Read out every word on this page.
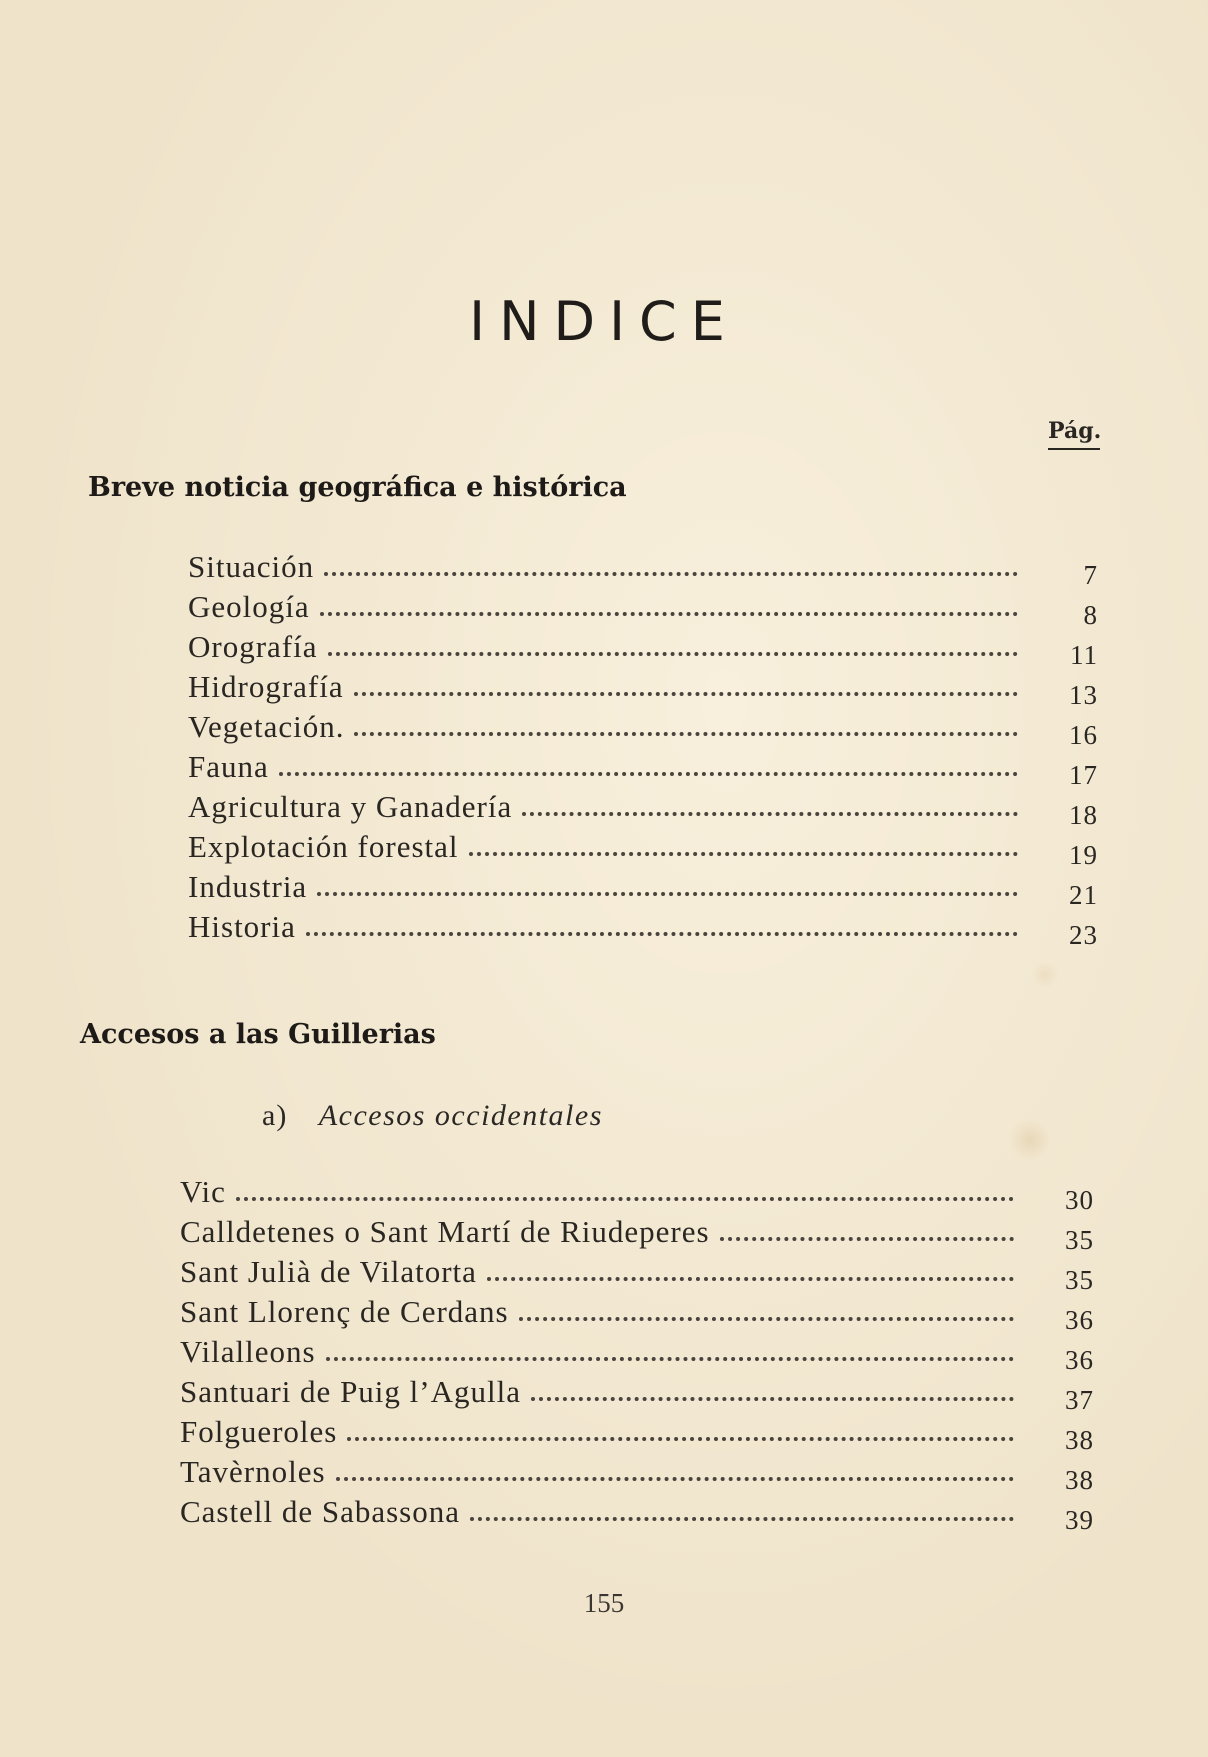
INDICE
Pág.
Breve noticia geográfica e histórica
Situación	7
Geología	8
Orografía	11
Hidrografía	13
Vegetación.	16
Fauna	17
Agricultura y Ganadería	18
Explotación forestal	19
Industria	21
Historia	23
Accesos a las Guillerias
a) Accesos occidentales
Vic	30
Calldetenes o Sant Martí de Riudeperes	35
Sant Julià de Vilatorta	35
Sant Llorenç de Cerdans	36
Vilalleons	36
Santuari de Puig l’Agulla	37
Folgueroles	38
Tavèrnoles	38
Castell de Sabassona	39
155
